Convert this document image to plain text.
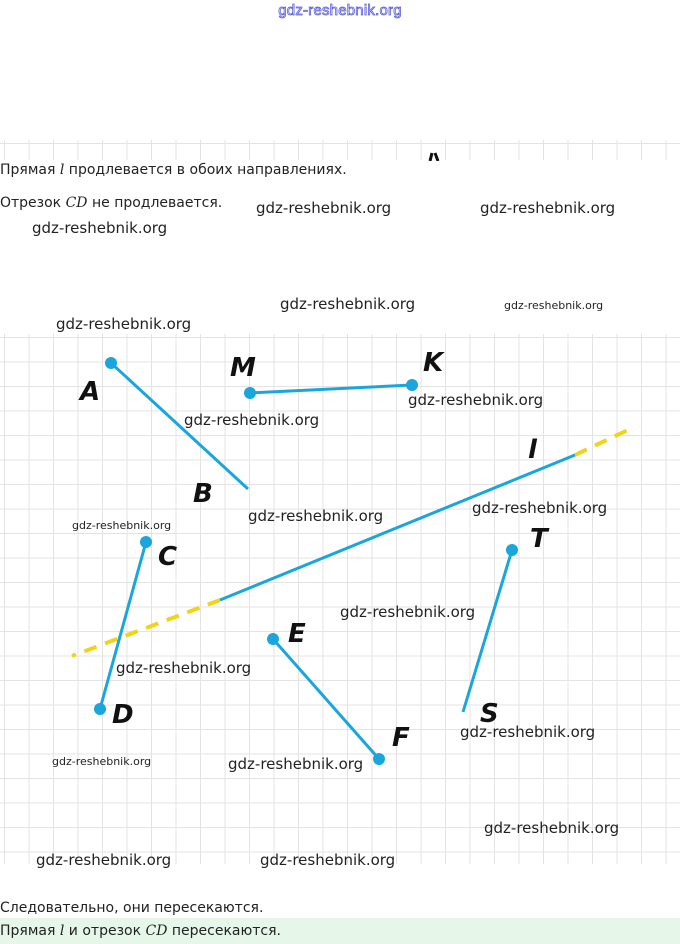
gdz-reshebnik.org
Прямая l продлевается в обоих направлениях.
Отрезок CD не продлевается. gdz-reshebnik.org	gdz-reshebnik.org
gdz-reshebnik.org
gdz-reshebnik.org	gdz-reshebnik.org
gdz-reshebnik.org
A
B
M	K
l
C
D
E
F
T
S
gdz-reshebnik.org
gdz-reshebnik.org
gdz-reshebnik.org
gdz-reshebnik.org
gdz-reshebnik.org
gdz-reshebnik.org
gdz-reshebnik.org
gdz-reshebnik.org
gdz-reshebnik.org	gdz-reshebnik.org
gdz-reshebnik.org
gdz-reshebnik.org	gdz-reshebnik.org
Следовательно, они пересекаются.
Прямая l и отрезок CD пересекаются.
